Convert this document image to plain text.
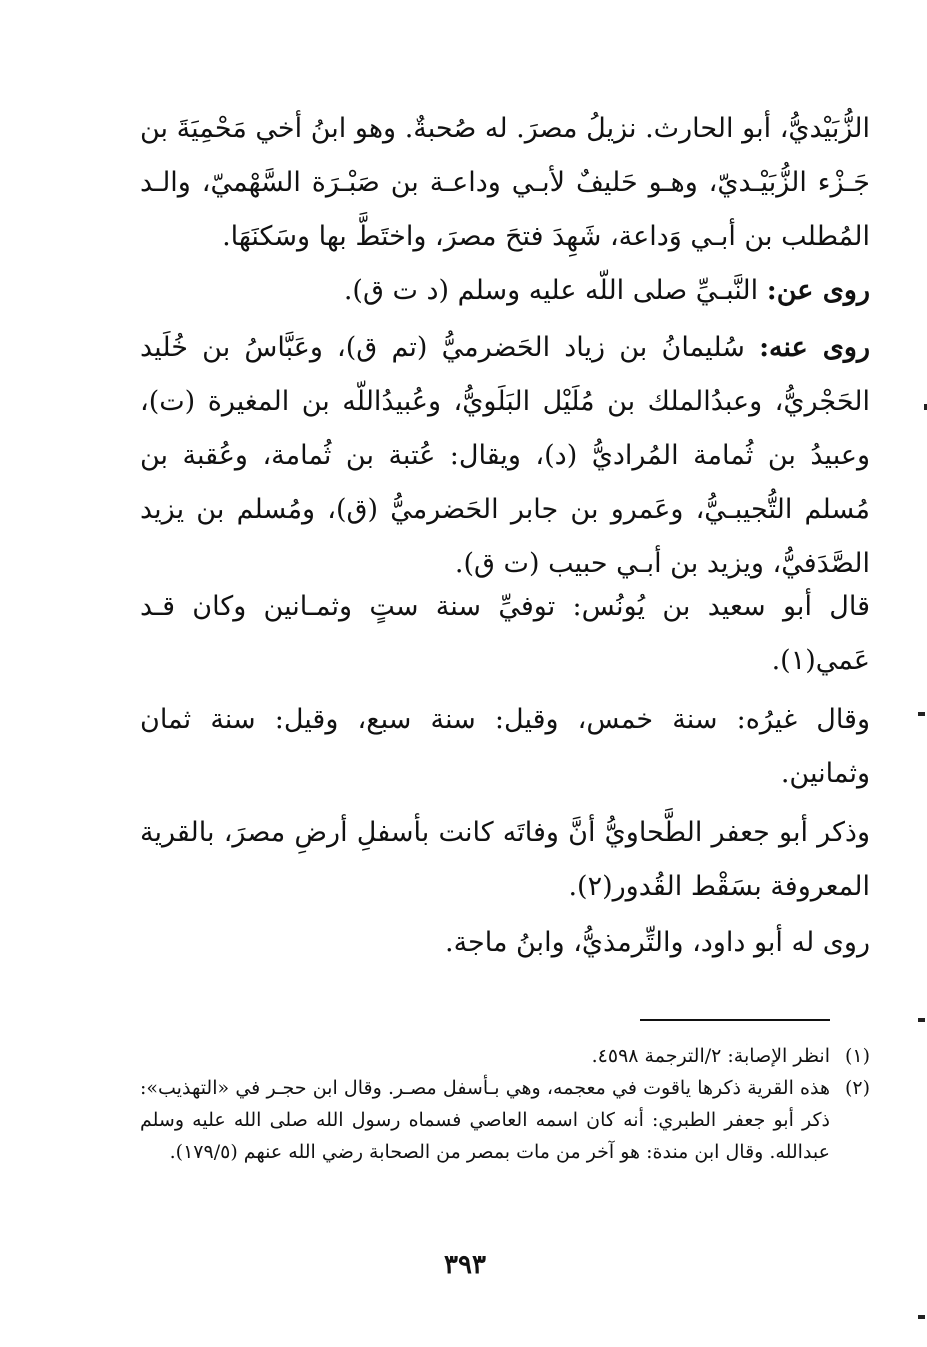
الزُّبَيْديُّ، أبو الحارث. نزيلُ مصرَ. له صُحبةٌ. وهو ابنُ أخي مَحْمِيَةَ بن جَـزْء الزُّبَيْـديّ، وهـو حَليفٌ لأبـي وداعـة بن صَبْـرَة السَّهْميّ، والـد المُطلب بن أبـي وَداعة، شَهِدَ فتحَ مصرَ، واختَطَّ بها وسَكنَهَا.

روى عن: النَّبـيِّ صلى اللّه عليه وسلم (د ت ق).

روى عنه: سُليمانُ بن زياد الحَضرميُّ (تم ق)، وعَبَّاسُ بن خُلَيد الحَجْريُّ، وعبدُالملك بن مُلَيْل البَلَويُّ، وعُبيدُاللّه بن المغيرة (ت)، وعبيدُ بن ثُمامة المُراديُّ (د)، ويقال: عُتبة بن ثُمامة، وعُقبة بن مُسلم التُّجيبـيُّ، وعَمرو بن جابر الحَضرميُّ (ق)، ومُسلم بن يزيد الصَّدَفيُّ، ويزيد بن أبـي حبيب (ت ق).

قال أبو سعيد بن يُونُس: توفيِّ سنة ستٍ وثمـانين وكان قـد عَمي(١).

وقال غيرُه: سنة خمس، وقيل: سنة سبع، وقيل: سنة ثمان وثمانين.

وذكر أبو جعفر الطَّحاويُّ أنَّ وفاتَه كانت بأسفلِ أرضِ مصرَ، بالقرية المعروفة بسَقْط القُدور(٢).

روى له أبو داود، والتِّرمذيُّ، وابنُ ماجة.

(١)انظر الإصابة: ٢/الترجمة ٤٥٩٨.
(٢)هذه القرية ذكرها ياقوت في معجمه، وهي بـأسفل مصـر. وقال ابن حجـر في «التهذيب»: ذكر أبو جعفر الطبري: أنه كان اسمه العاصي فسماه رسول الله صلى الله عليه وسلم عبدالله. وقال ابن مندة: هو آخر من مات بمصر من الصحابة رضي الله عنهم (١٧٩/٥).
٣٩٣
